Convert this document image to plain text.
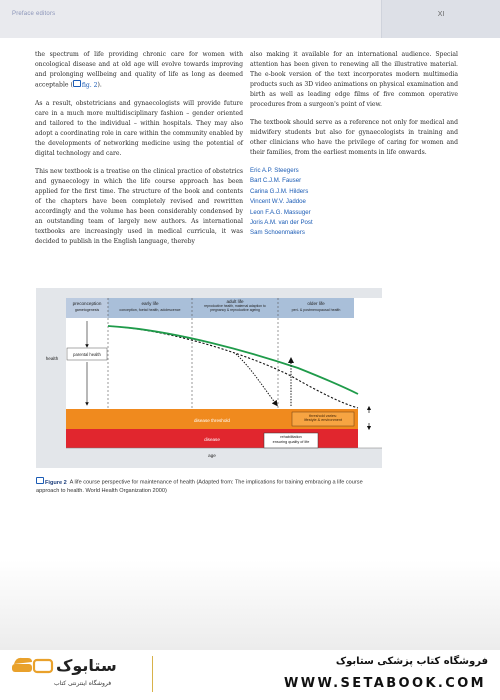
Preface editors	XI

the spectrum of life providing chronic care for women with oncological disease and at old age will evolve towards improving and prolonging wellbeing and quality of life as long as deemed acceptable ( fig. 2).

As a result, obstetricians and gynaecologists will provide future care in a much more multidisciplinary fashion – gender oriented and tailored to the individual – within hospitals. They may also adopt a coordinating role in care within the community enabled by the developments of networking medicine using the potential of digital technology and care.

This new textbook is a treatise on the clinical practice of obstetrics and gynaecology in which the life course approach has been applied for the first time. The structure of the book and contents of the chapters have been completely revised and rewritten accordingly and the volume has been considerably condensed by an outstanding team of largely new authors. As international textbooks are increasingly used in medical curricula, it was decided to publish in the English language, thereby

also making it available for an international audience. Special attention has been given to renewing all the illustrative material. The e-book version of the text incorporates modern multimedia products such as 3D video animations on physical examination and birth as well as leading edge films of five common operative procedures from a surgeon's point of view.

The textbook should serve as a reference not only for medical and midwifery students but also for gynaecologists in training and other clinicians who have the privilege of caring for women and their families, from the earliest moments in life onwards.

Eric A.P. Steegers
Bart C.J.M. Fauser
Carina G.J.M. Hilders
Vincent W.V. Jaddoe
Leon F.A.G. Massuger
Joris A.M. van der Post
Sam Schoenmakers
preconception
gametogenesis
early life
conception, foetal health, adolescence
adult life
reproductive health, maternal adaption to pregnancy & reproductive ageing
older life
peri- & postmenopausal health
parental health
health
disease threshold
disease
threshold varies:
lifestyle & environment
rehabilitation
ensuring quality of life
age
Figure 2 A life course perspective for maintenance of health (Adapted from: The implications for training embracing a life course approach to health. World Health Organization 2000)
ستابوک
فروشگاه اینترنتی کتاب
فروشگاه کتاب پزشکی ستابوک
WWW.SETABOOK.COM
